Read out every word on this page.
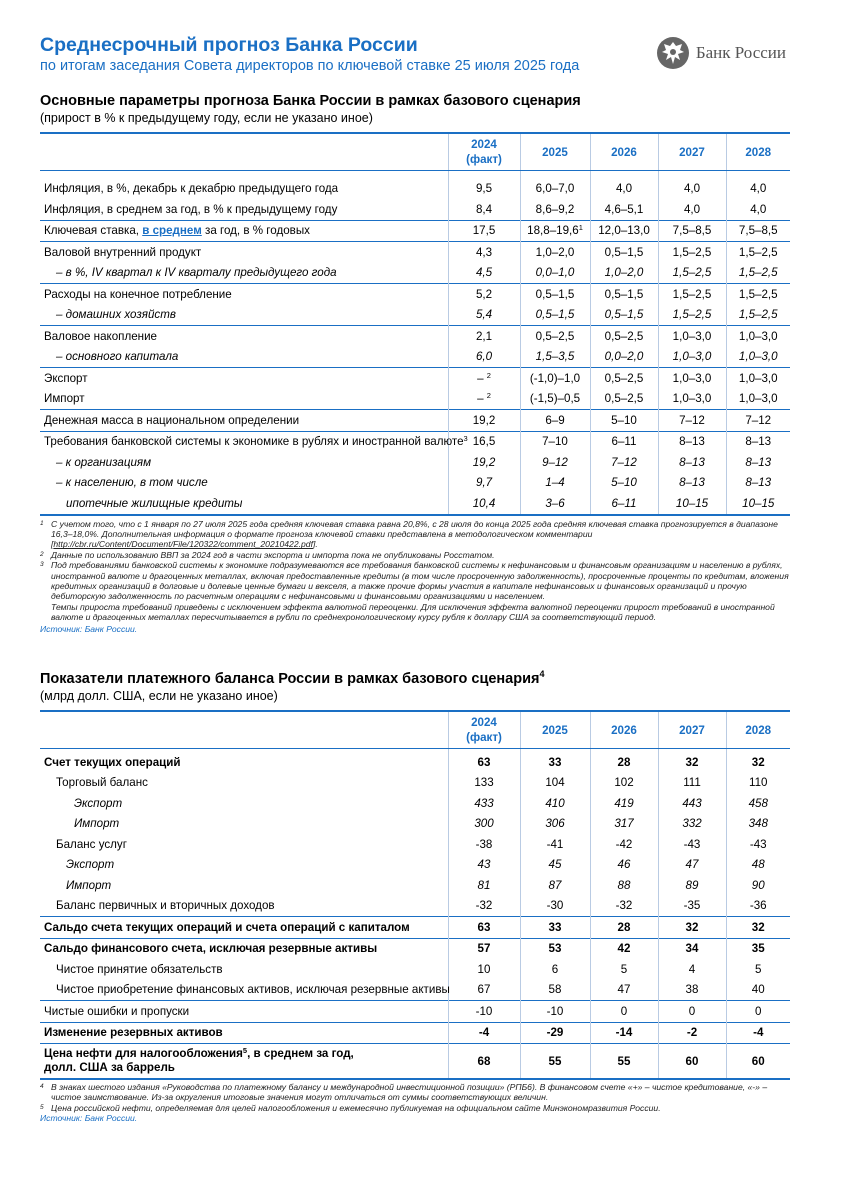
Среднесрочный прогноз Банка России
по итогам заседания Совета директоров по ключевой ставке 25 июля 2025 года
Банк России
Основные параметры прогноза Банка России в рамках базового сценария
(прирост в % к предыдущему году, если не указано иное)
	2024
(факт)	2025	2026	2027	2028

Инфляция, в %, декабрь к декабрю предыдущего года	9,5	6,0–7,0	4,0	4,0	4,0
Инфляция, в среднем за год, в % к предыдущему году	8,4	8,6–9,2	4,6–5,1	4,0	4,0
Ключевая ставка, в среднем за год, в % годовых	17,5	18,8–19,6$^1$	12,0–13,0	7,5–8,5	7,5–8,5
Валовой внутренний продукт	4,3	1,0–2,0	0,5–1,5	1,5–2,5	1,5–2,5
– в %, IV квартал к IV кварталу предыдущего года	4,5	0,0–1,0	1,0–2,0	1,5–2,5	1,5–2,5
Расходы на конечное потребление	5,2	0,5–1,5	0,5–1,5	1,5–2,5	1,5–2,5
– домашних хозяйств	5,4	0,5–1,5	0,5–1,5	1,5–2,5	1,5–2,5
Валовое накопление	2,1	0,5–2,5	0,5–2,5	1,0–3,0	1,0–3,0
– основного капитала	6,0	1,5–3,5	0,0–2,0	1,0–3,0	1,0–3,0
Экспорт	– $^2$	(-1,0)–1,0	0,5–2,5	1,0–3,0	1,0–3,0
Импорт	– $^2$	(-1,5)–0,5	0,5–2,5	1,0–3,0	1,0–3,0
Денежная масса в национальном определении	19,2	6–9	5–10	7–12	7–12
Требования банковской системы к экономике в рублях и иностранной валюте$^3$	16,5	7–10	6–11	8–13	8–13
– к организациям	19,2	9–12	7–12	8–13	8–13
– к населению, в том числе	9,7	1–4	5–10	8–13	8–13
ипотечные жилищные кредиты	10,4	3–6	6–11	10–15	10–15
1 С учетом того, что с 1 января по 27 июля 2025 года средняя ключевая ставка равна 20,8%, с 28 июля до конца 2025 года средняя ключевая ставка прогнозируется в диапазоне 16,3–18,0%. Дополнительная информация о формате прогноза ключевой ставки представлена в методологическом комментарии [http://cbr.ru/Content/Document/File/120322/comment_20210422.pdf].
2 Данные по использованию ВВП за 2024 год в части экспорта и импорта пока не опубликованы Росстатом.
3 Под требованиями банковской системы к экономике подразумеваются все требования банковской системы к нефинансовым и финансовым организациям и населению в рублях, иностранной валюте и драгоценных металлах, включая предоставленные кредиты (в том числе просроченную задолженность), просроченные проценты по кредитам, вложения кредитных организаций в долговые и долевые ценные бумаги и векселя, а также прочие формы участия в капитале нефинансовых и финансовых организаций и прочую дебиторскую задолженность по расчетным операциям с нефинансовыми и финансовыми организациями и населением.
Темпы прироста требований приведены с исключением эффекта валютной переоценки. Для исключения эффекта валютной переоценки прирост требований в иностранной валюте и драгоценных металлах пересчитывается в рубли по среднехронологическому курсу рубля к доллару США за соответствующий период.
Источник: Банк России.
Показатели платежного баланса России в рамках базового сценария$^4$
(млрд долл. США, если не указано иное)
	2024
(факт)	2025	2026	2027	2028

Счет текущих операций	63	33	28	32	32
Торговый баланс	133	104	102	111	110
Экспорт	433	410	419	443	458
Импорт	300	306	317	332	348
Баланс услуг	-38	-41	-42	-43	-43
Экспорт	43	45	46	47	48
Импорт	81	87	88	89	90
Баланс первичных и вторичных доходов	-32	-30	-32	-35	-36
Сальдо счета текущих операций и счета операций с капиталом	63	33	28	32	32
Сальдо финансового счета, исключая резервные активы	57	53	42	34	35
Чистое принятие обязательств	10	6	5	4	5
Чистое приобретение финансовых активов, исключая резервные активы	67	58	47	38	40
Чистые ошибки и пропуски	-10	-10	0	0	0
Изменение резервных активов	-4	-29	-14	-2	-4
Цена нефти для налогообложения$^5$, в среднем за год,
долл. США за баррель	68	55	55	60	60
4 В знаках шестого издания «Руководства по платежному балансу и международной инвестиционной позиции» (РПБ6). В финансовом счете «+» – чистое кредитование, «-» – чистое заимствование. Из-за округления итоговые значения могут отличаться от суммы соответствующих величин.
5 Цена российской нефти, определяемая для целей налогообложения и ежемесячно публикуемая на официальном сайте Минэкономразвития России.
Источник: Банк России.
